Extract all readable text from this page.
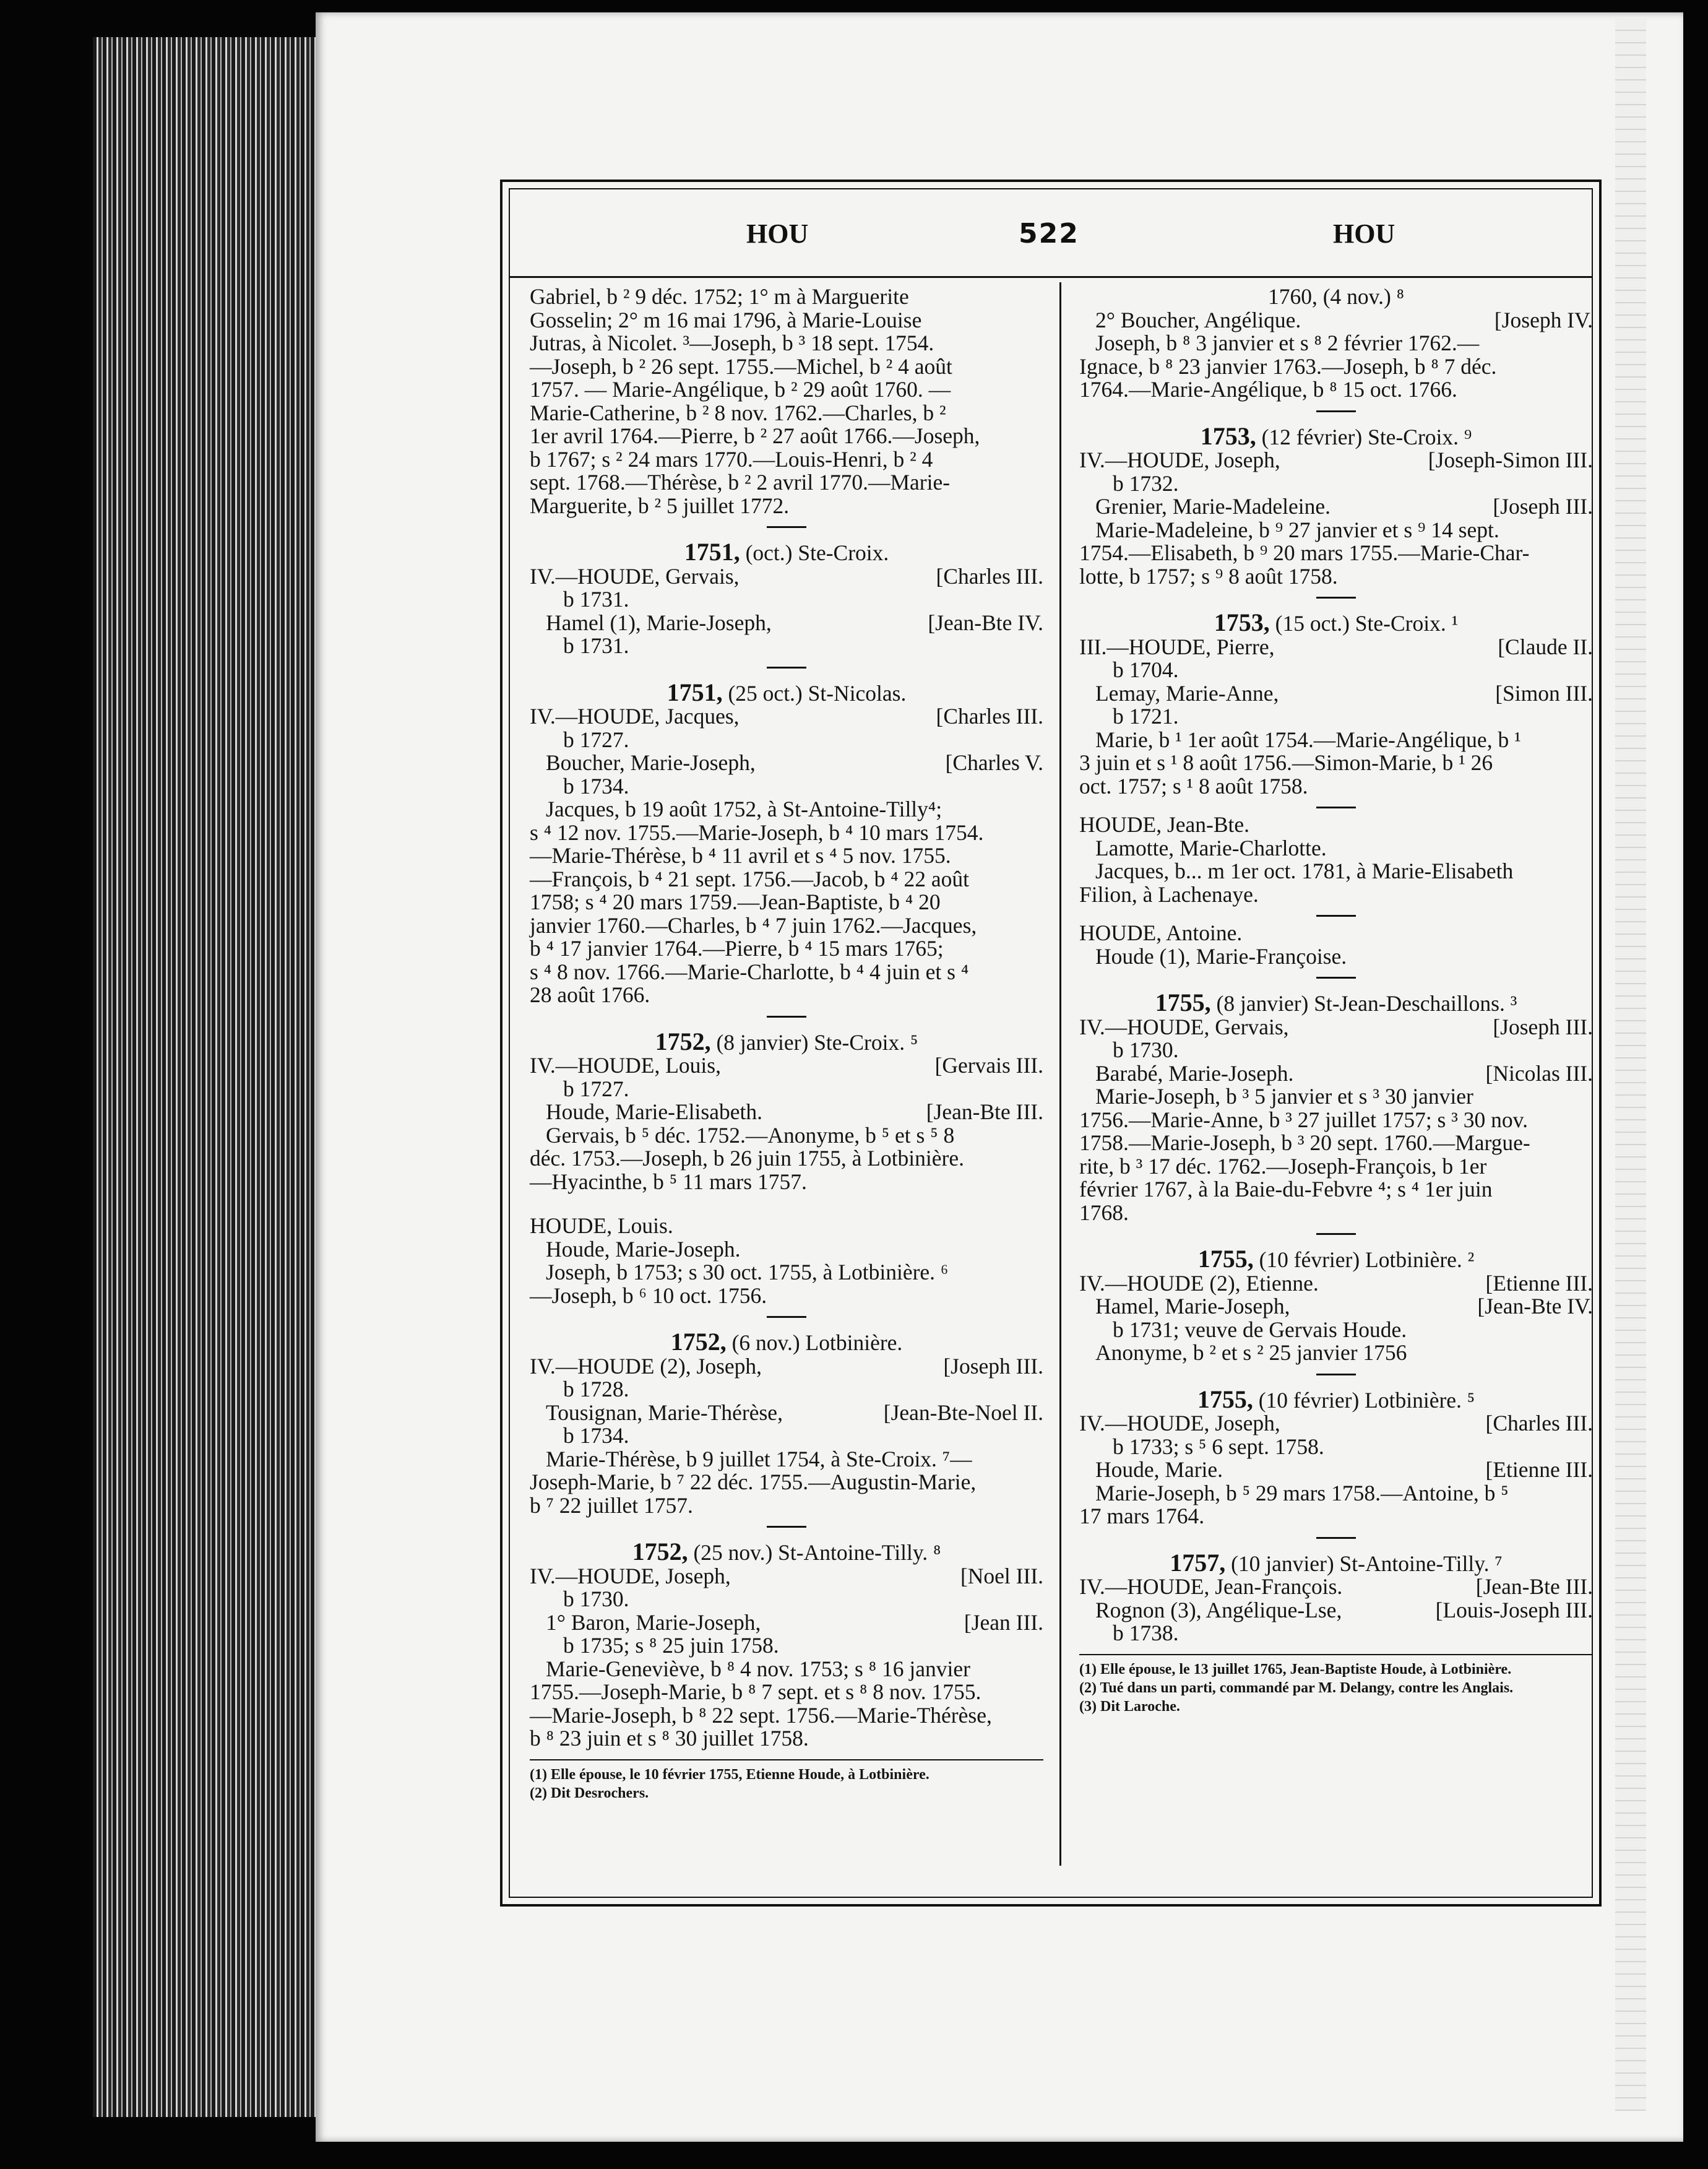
HOU	522	HOU

Gabriel, b ² 9 déc. 1752; 1° m à Marguerite

Gosselin; 2° m 16 mai 1796, à Marie-Louise

Jutras, à Nicolet. ³—Joseph, b ³ 18 sept. 1754.

—Joseph, b ² 26 sept. 1755.—Michel, b ² 4 août

1757. — Marie-Angélique, b ² 29 août 1760. —

Marie-Catherine, b ² 8 nov. 1762.—Charles, b ²

1er avril 1764.—Pierre, b ² 27 août 1766.—Joseph,

b 1767; s ² 24 mars 1770.—Louis-Henri, b ² 4

sept. 1768.—Thérèse, b ² 2 avril 1770.—Marie-

Marguerite, b ² 5 juillet 1772.

1751, (oct.) Ste-Croix.

IV.—HOUDE, Gervais,	[Charles III.

b 1731.

Hamel (1), Marie-Joseph,	[Jean-Bte IV.

b 1731.

1751, (25 oct.) St-Nicolas.

IV.—HOUDE, Jacques,	[Charles III.

b 1727.

Boucher, Marie-Joseph,	[Charles V.

b 1734.

Jacques, b 19 août 1752, à St-Antoine-Tilly⁴;

s ⁴ 12 nov. 1755.—Marie-Joseph, b ⁴ 10 mars 1754.

—Marie-Thérèse, b ⁴ 11 avril et s ⁴ 5 nov. 1755.

—François, b ⁴ 21 sept. 1756.—Jacob, b ⁴ 22 août

1758; s ⁴ 20 mars 1759.—Jean-Baptiste, b ⁴ 20

janvier 1760.—Charles, b ⁴ 7 juin 1762.—Jacques,

b ⁴ 17 janvier 1764.—Pierre, b ⁴ 15 mars 1765;

s ⁴ 8 nov. 1766.—Marie-Charlotte, b ⁴ 4 juin et s ⁴

28 août 1766.

1752, (8 janvier) Ste-Croix. ⁵

IV.—HOUDE, Louis,	[Gervais III.

b 1727.

Houde, Marie-Elisabeth.	[Jean-Bte III.

Gervais, b ⁵ déc. 1752.—Anonyme, b ⁵ et s ⁵ 8

déc. 1753.—Joseph, b 26 juin 1755, à Lotbinière.

—Hyacinthe, b ⁵ 11 mars 1757.

HOUDE, Louis.

Houde, Marie-Joseph.

Joseph, b 1753; s 30 oct. 1755, à Lotbinière. ⁶

—Joseph, b ⁶ 10 oct. 1756.

1752, (6 nov.) Lotbinière.

IV.—HOUDE (2), Joseph,	[Joseph III.

b 1728.

Tousignan, Marie-Thérèse,	[Jean-Bte-Noel II.

b 1734.

Marie-Thérèse, b 9 juillet 1754, à Ste-Croix. ⁷—

Joseph-Marie, b ⁷ 22 déc. 1755.—Augustin-Marie,

b ⁷ 22 juillet 1757.

1752, (25 nov.) St-Antoine-Tilly. ⁸

IV.—HOUDE, Joseph,	[Noel III.

b 1730.

1° Baron, Marie-Joseph,	[Jean III.

b 1735; s ⁸ 25 juin 1758.

Marie-Geneviève, b ⁸ 4 nov. 1753; s ⁸ 16 janvier

1755.—Joseph-Marie, b ⁸ 7 sept. et s ⁸ 8 nov. 1755.

—Marie-Joseph, b ⁸ 22 sept. 1756.—Marie-Thérèse,

b ⁸ 23 juin et s ⁸ 30 juillet 1758.

(1) Elle épouse, le 10 février 1755, Etienne Houde, à Lotbinière.

(2) Dit Desrochers.

1760, (4 nov.) ⁸

2° Boucher, Angélique.	[Joseph IV.

Joseph, b ⁸ 3 janvier et s ⁸ 2 février 1762.—

Ignace, b ⁸ 23 janvier 1763.—Joseph, b ⁸ 7 déc.

1764.—Marie-Angélique, b ⁸ 15 oct. 1766.

1753, (12 février) Ste-Croix. ⁹

IV.—HOUDE, Joseph,	[Joseph-Simon III.

b 1732.

Grenier, Marie-Madeleine.	[Joseph III.

Marie-Madeleine, b ⁹ 27 janvier et s ⁹ 14 sept.

1754.—Elisabeth, b ⁹ 20 mars 1755.—Marie-Char-

lotte, b 1757; s ⁹ 8 août 1758.

1753, (15 oct.) Ste-Croix. ¹

III.—HOUDE, Pierre,	[Claude II.

b 1704.

Lemay, Marie-Anne,	[Simon III.

b 1721.

Marie, b ¹ 1er août 1754.—Marie-Angélique, b ¹

3 juin et s ¹ 8 août 1756.—Simon-Marie, b ¹ 26

oct. 1757; s ¹ 8 août 1758.

HOUDE, Jean-Bte.

Lamotte, Marie-Charlotte.

Jacques, b... m 1er oct. 1781, à Marie-Elisabeth

Filion, à Lachenaye.

HOUDE, Antoine.

Houde (1), Marie-Françoise.

1755, (8 janvier) St-Jean-Deschaillons. ³

IV.—HOUDE, Gervais,	[Joseph III.

b 1730.

Barabé, Marie-Joseph.	[Nicolas III.

Marie-Joseph, b ³ 5 janvier et s ³ 30 janvier

1756.—Marie-Anne, b ³ 27 juillet 1757; s ³ 30 nov.

1758.—Marie-Joseph, b ³ 20 sept. 1760.—Margue-

rite, b ³ 17 déc. 1762.—Joseph-François, b 1er

février 1767, à la Baie-du-Febvre ⁴; s ⁴ 1er juin

1768.

1755, (10 février) Lotbinière. ²

IV.—HOUDE (2), Etienne.	[Etienne III.

Hamel, Marie-Joseph,	[Jean-Bte IV.

b 1731; veuve de Gervais Houde.

Anonyme, b ² et s ² 25 janvier 1756

1755, (10 février) Lotbinière. ⁵

IV.—HOUDE, Joseph,	[Charles III.

b 1733; s ⁵ 6 sept. 1758.

Houde, Marie.	[Etienne III.

Marie-Joseph, b ⁵ 29 mars 1758.—Antoine, b ⁵

17 mars 1764.

1757, (10 janvier) St-Antoine-Tilly. ⁷

IV.—HOUDE, Jean-François.	[Jean-Bte III.

Rognon (3), Angélique-Lse,	[Louis-Joseph III.

b 1738.

(1) Elle épouse, le 13 juillet 1765, Jean-Baptiste Houde, à Lotbinière.

(2) Tué dans un parti, commandé par M. Delangy, contre les Anglais.

(3) Dit Laroche.
